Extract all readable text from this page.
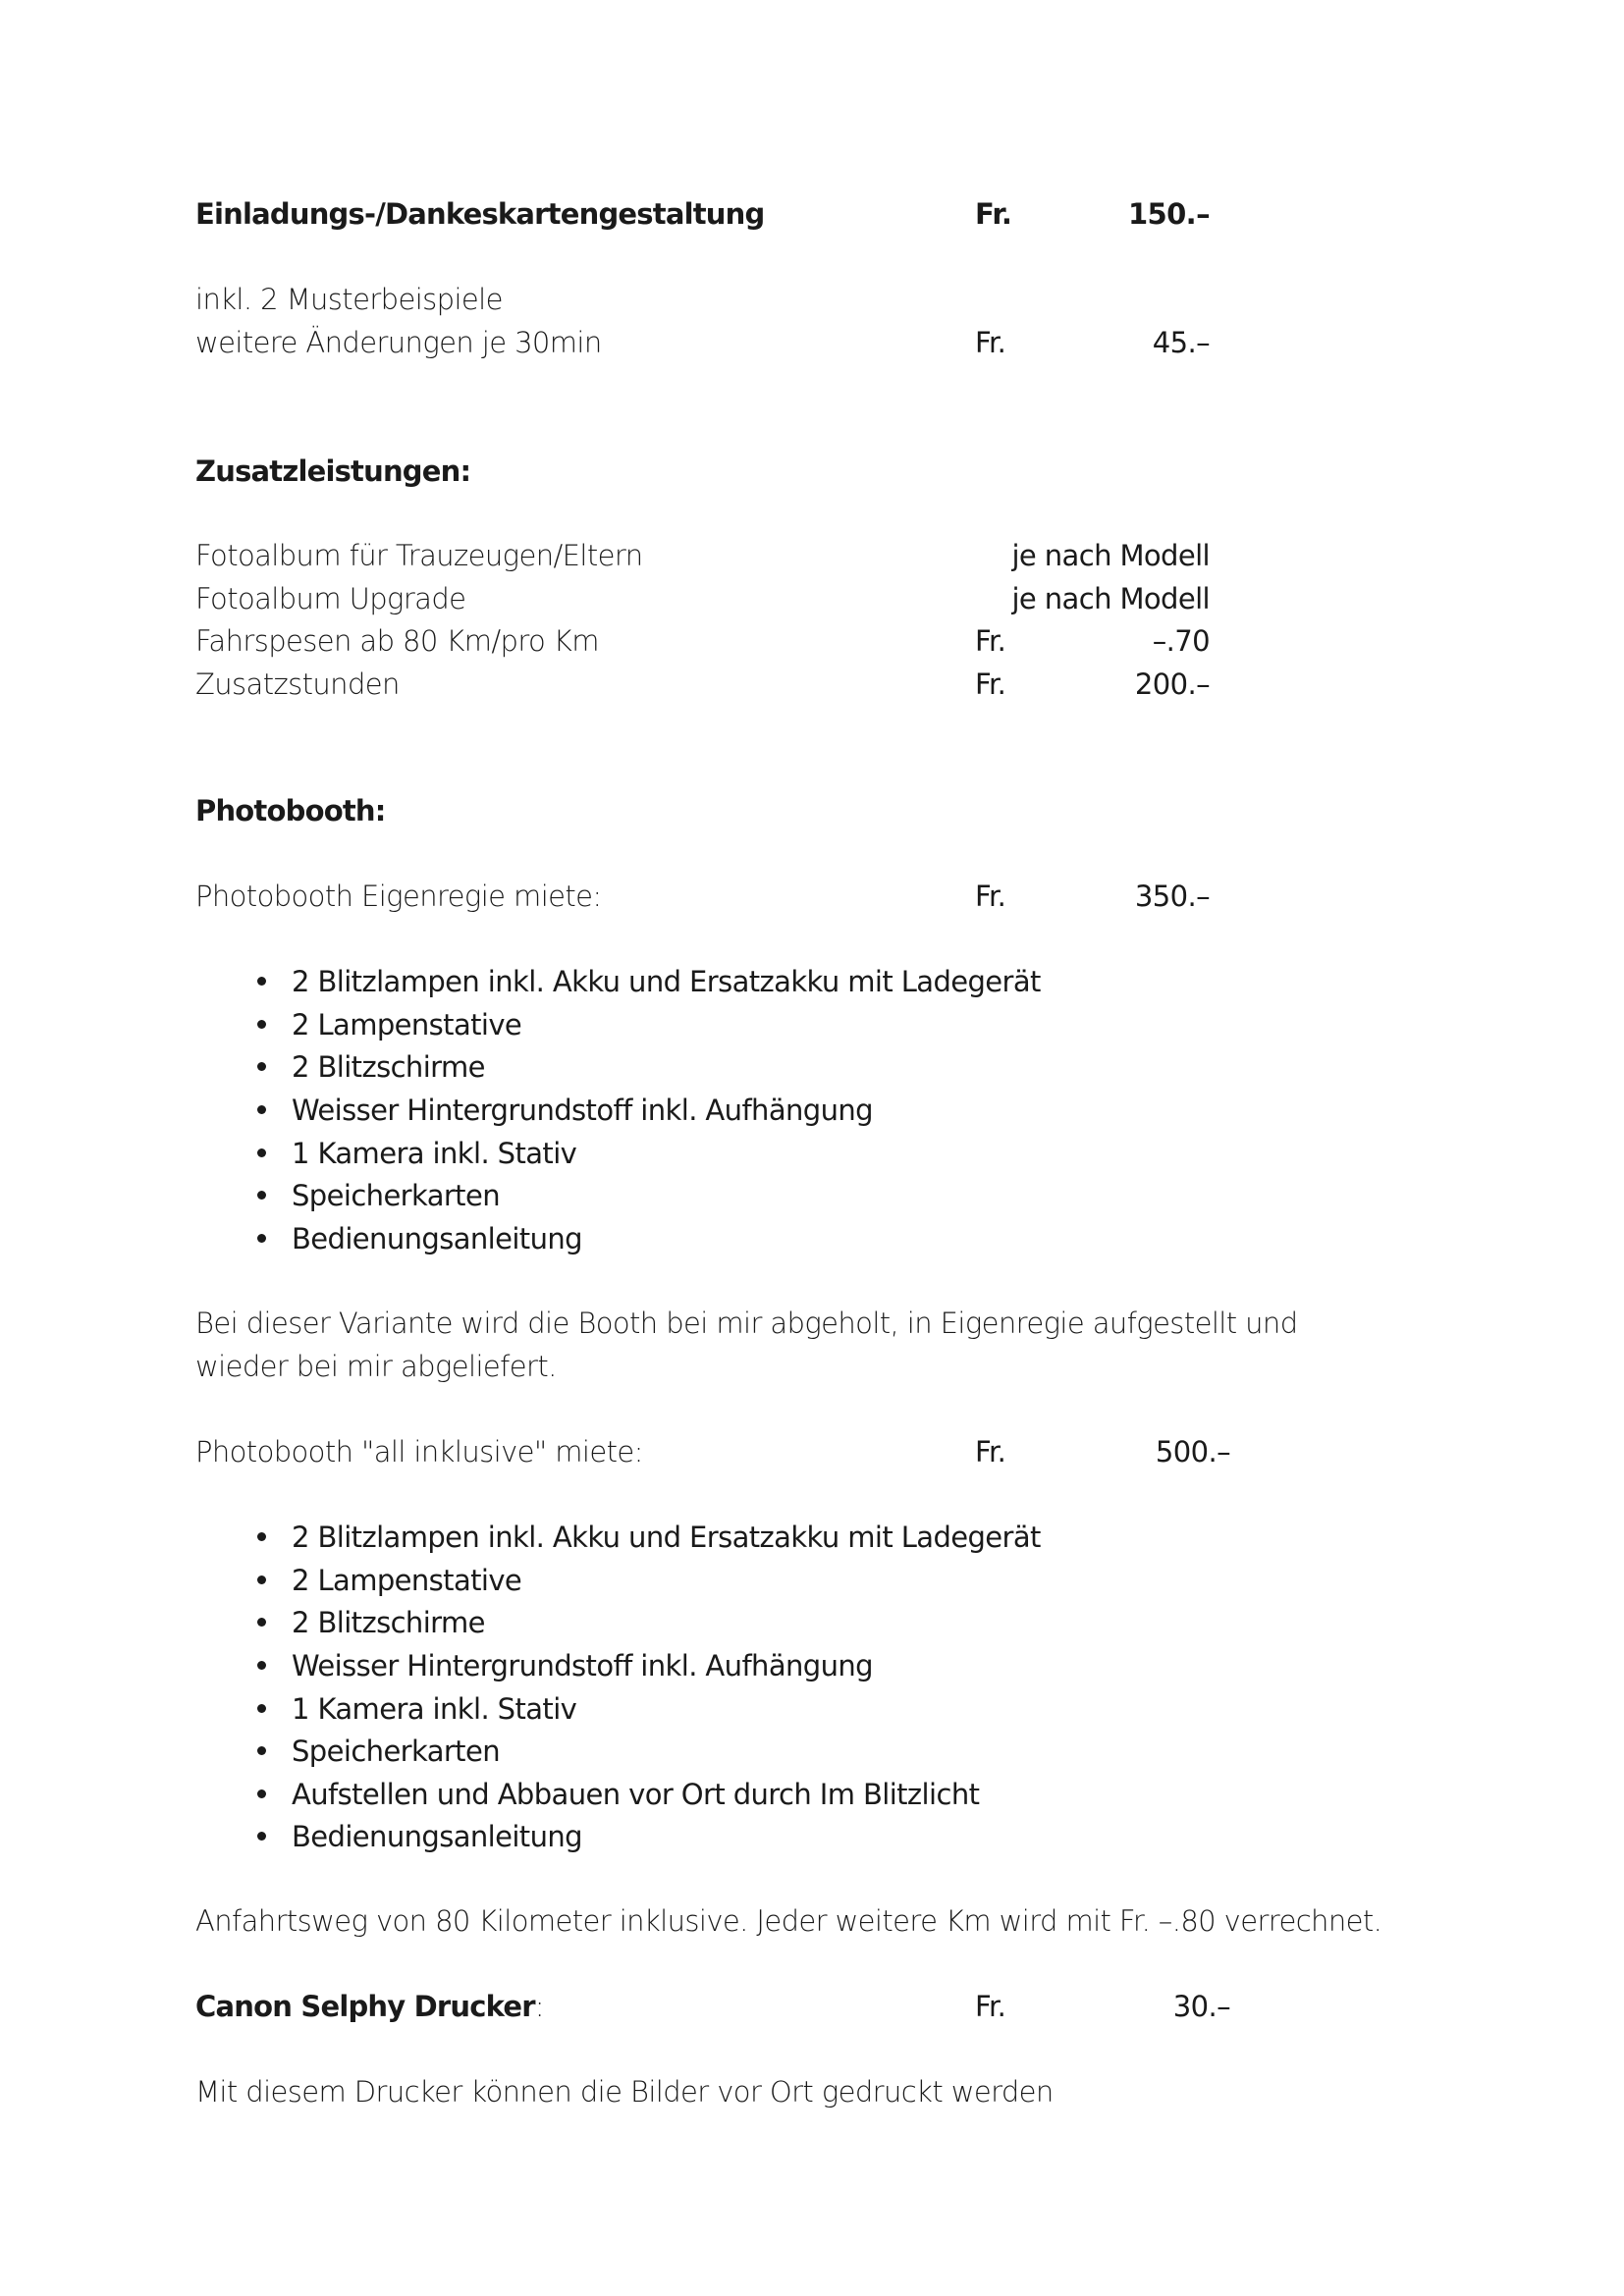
Einladungs-/Dankeskartengestaltung	Fr.	150.–
inkl. 2 Musterbeispiele
weitere Änderungen je 30min	Fr.	45.–
Zusatzleistungen:
Fotoalbum für Trauzeugen/Eltern	je nach Modell
Fotoalbum Upgrade	je nach Modell
Fahrspesen ab 80 Km/pro Km	Fr.	–.70
Zusatzstunden	Fr.	200.–
Photobooth:
Photobooth Eigenregie miete:	Fr.	350.–
2 Blitzlampen inkl. Akku und Ersatzakku mit Ladegerät
2 Lampenstative
2 Blitzschirme
Weisser Hintergrundstoff inkl. Aufhängung
1 Kamera inkl. Stativ
Speicherkarten
Bedienungsanleitung
Bei dieser Variante wird die Booth bei mir abgeholt, in Eigenregie aufgestellt und
wieder bei mir abgeliefert.
Photobooth "all inklusive" miete:	Fr.	500.–
2 Blitzlampen inkl. Akku und Ersatzakku mit Ladegerät
2 Lampenstative
2 Blitzschirme
Weisser Hintergrundstoff inkl. Aufhängung
1 Kamera inkl. Stativ
Speicherkarten
Aufstellen und Abbauen vor Ort durch Im Blitzlicht
Bedienungsanleitung
Anfahrtsweg von 80 Kilometer inklusive. Jeder weitere Km wird mit Fr. –.80 verrechnet.
Canon Selphy Drucker:	Fr.	30.–
Mit diesem Drucker können die Bilder vor Ort gedruckt werden
